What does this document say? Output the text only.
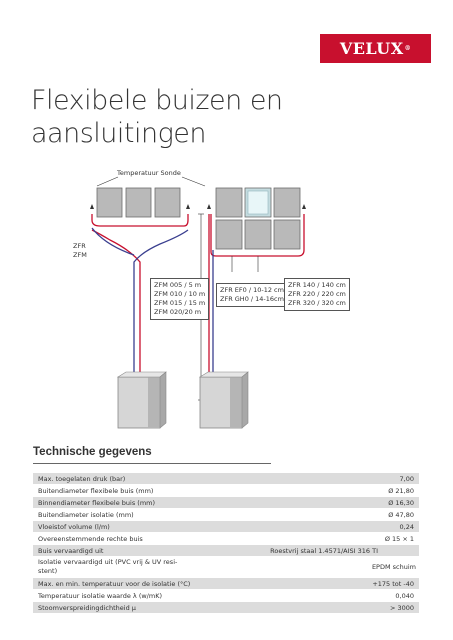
VELUX ®
Flexibele buizen en aansluitingen
Temperatuur Sonde
ZFR
ZFM
ZFM 005 / 5 m
ZFM 010 / 10 m
ZFM 015 / 15 m
ZFM 020/20 m
ZFR EF0 / 10-12 cm
ZFR GH0 / 14-16cm
ZFR 140 / 140 cm
ZFR 220 / 220 cm
ZFR 320 / 320 cm
Technische gegevens
Max. toegelaten druk (bar)	7,00
Buitendiameter flexibele buis (mm)	Ø 21,80
Binnendiameter flexibele buis (mm)	Ø 16,30
Buitendiameter isolatie (mm)	Ø 47,80
Vloeistof volume (l/m)	0,24
Overeenstemmende rechte buis	Ø 15 × 1
Buis vervaardigd uit	Roestvrij staal 1.4571/AISI 316 TI
Isolatie vervaardigd uit (PVC vrij & UV resi-stent)	EPDM schuim
Max. en min. temperatuur voor de isolatie (°C)	+175 tot -40
Temperatuur isolatie waarde λ (w/mK)	0,040
Stoomverspreidingdichtheid μ	> 3000
